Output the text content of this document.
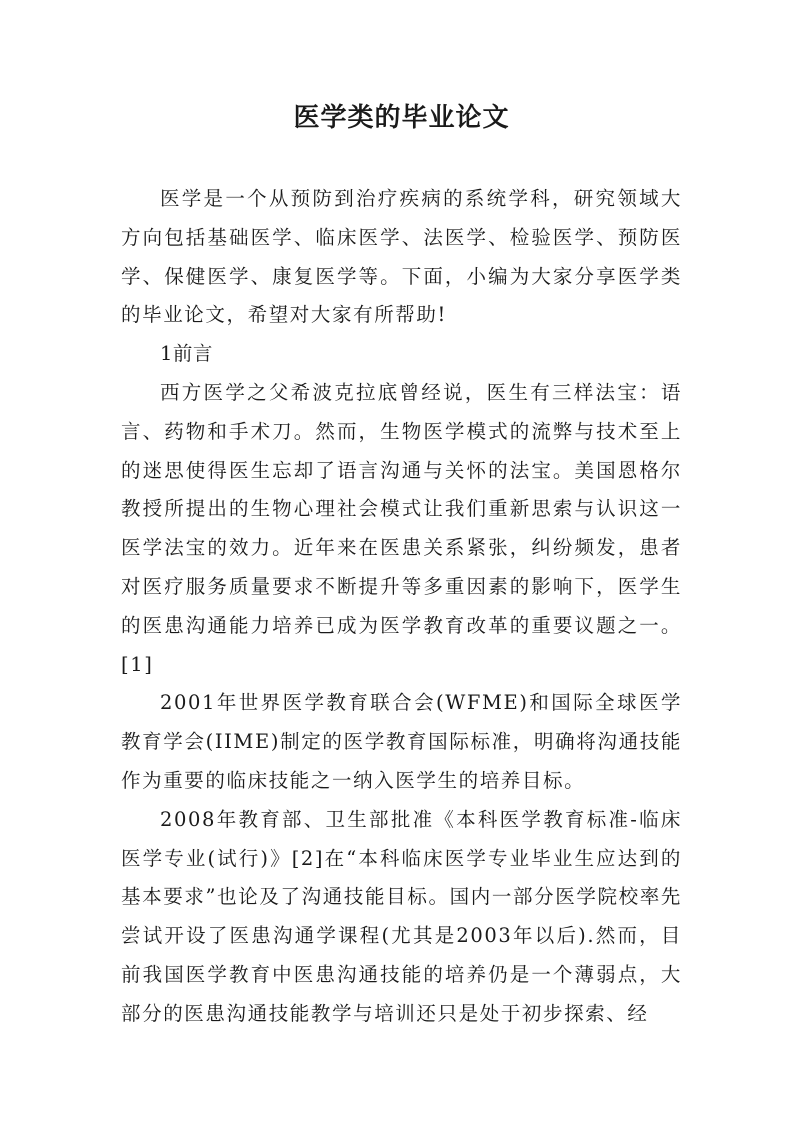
医学类的毕业论文

医学是一个从预防到治疗疾病的系统学科，研究领域大方向包括基础医学、临床医学、法医学、检验医学、预防医学、保健医学、康复医学等。下面，小编为大家分享医学类的毕业论文，希望对大家有所帮助!

1前言

西方医学之父希波克拉底曾经说，医生有三样法宝：语言、药物和手术刀。然而，生物医学模式的流弊与技术至上的迷思使得医生忘却了语言沟通与关怀的法宝。美国恩格尔教授所提出的生物心理社会模式让我们重新思索与认识这一医学法宝的效力。近年来在医患关系紧张，纠纷频发，患者对医疗服务质量要求不断提升等多重因素的影响下，医学生的医患沟通能力培养已成为医学教育改革的重要议题之一。[1]

2001年世界医学教育联合会(WFME)和国际全球医学教育学会(IIME)制定的医学教育国际标准，明确将沟通技能作为重要的临床技能之一纳入医学生的培养目标。

2008年教育部、卫生部批准《本科医学教育标准-临床医学专业(试行)》[2]在“本科临床医学专业毕业生应达到的基本要求”也论及了沟通技能目标。国内一部分医学院校率先尝试开设了医患沟通学课程(尤其是2003年以后).然而，目前我国医学教育中医患沟通技能的培养仍是一个薄弱点，大部分的医患沟通技能教学与培训还只是处于初步探索、经
